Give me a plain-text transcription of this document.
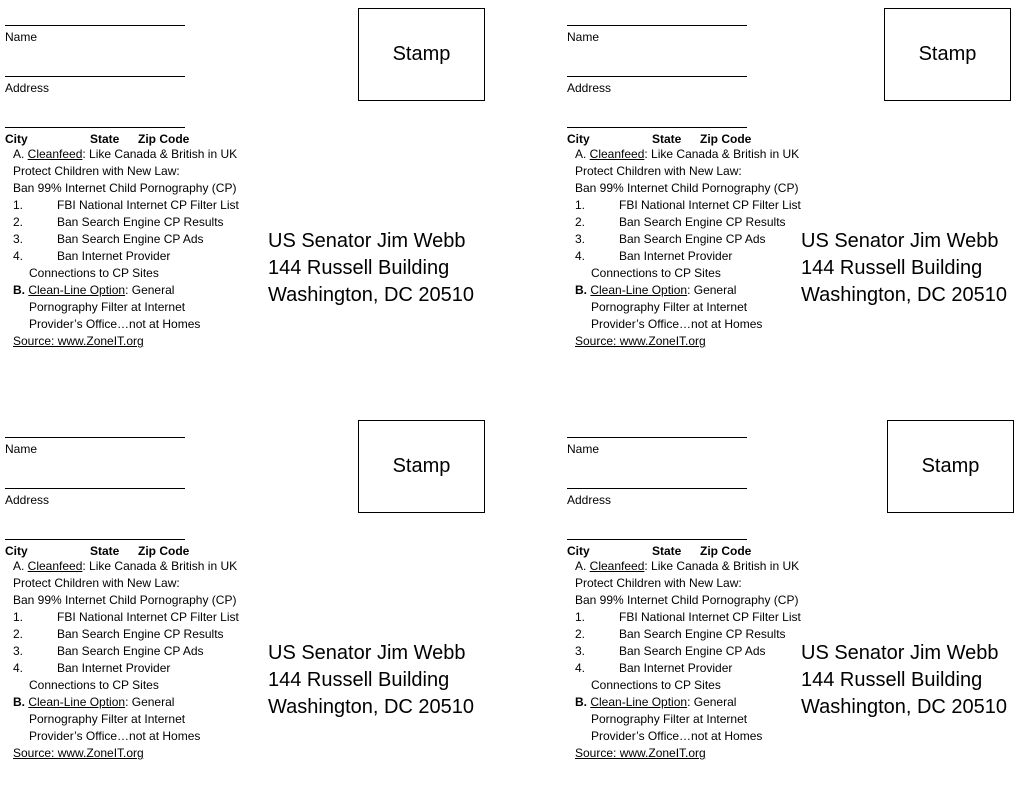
Name
Address
City	State Zip Code
Stamp
A. Cleanfeed: Like Canada & British in UK
Protect Children with New Law:
Ban 99% Internet Child Pornography (CP)
1.	FBI National Internet CP Filter List
2.	Ban Search Engine CP Results
3.	Ban Search Engine CP Ads
4.	Ban Internet Provider
Connections to CP Sites
B. Clean-Line Option: General
Pornography Filter at Internet
Provider’s Office…not at Homes
Source: www.ZoneIT.org
US Senator Jim Webb
144 Russell Building
Washington, DC 20510
Name
Address
City	State Zip Code
Stamp
A. Cleanfeed: Like Canada & British in UK
Protect Children with New Law:
Ban 99% Internet Child Pornography (CP)
1.	FBI National Internet CP Filter List
2.	Ban Search Engine CP Results
3.	Ban Search Engine CP Ads
4.	Ban Internet Provider
Connections to CP Sites
B. Clean-Line Option: General
Pornography Filter at Internet
Provider’s Office…not at Homes
Source: www.ZoneIT.org
US Senator Jim Webb
144 Russell Building
Washington, DC 20510
Name
Address
City	State Zip Code
Stamp
A. Cleanfeed: Like Canada & British in UK
Protect Children with New Law:
Ban 99% Internet Child Pornography (CP)
1.	FBI National Internet CP Filter List
2.	Ban Search Engine CP Results
3.	Ban Search Engine CP Ads
4.	Ban Internet Provider
Connections to CP Sites
B. Clean-Line Option: General
Pornography Filter at Internet
Provider’s Office…not at Homes
Source: www.ZoneIT.org
US Senator Jim Webb
144 Russell Building
Washington, DC 20510
Name
Address
City	State Zip Code
Stamp
A. Cleanfeed: Like Canada & British in UK
Protect Children with New Law:
Ban 99% Internet Child Pornography (CP)
1.	FBI National Internet CP Filter List
2.	Ban Search Engine CP Results
3.	Ban Search Engine CP Ads
4.	Ban Internet Provider
Connections to CP Sites
B. Clean-Line Option: General
Pornography Filter at Internet
Provider’s Office…not at Homes
Source: www.ZoneIT.org
US Senator Jim Webb
144 Russell Building
Washington, DC 20510
